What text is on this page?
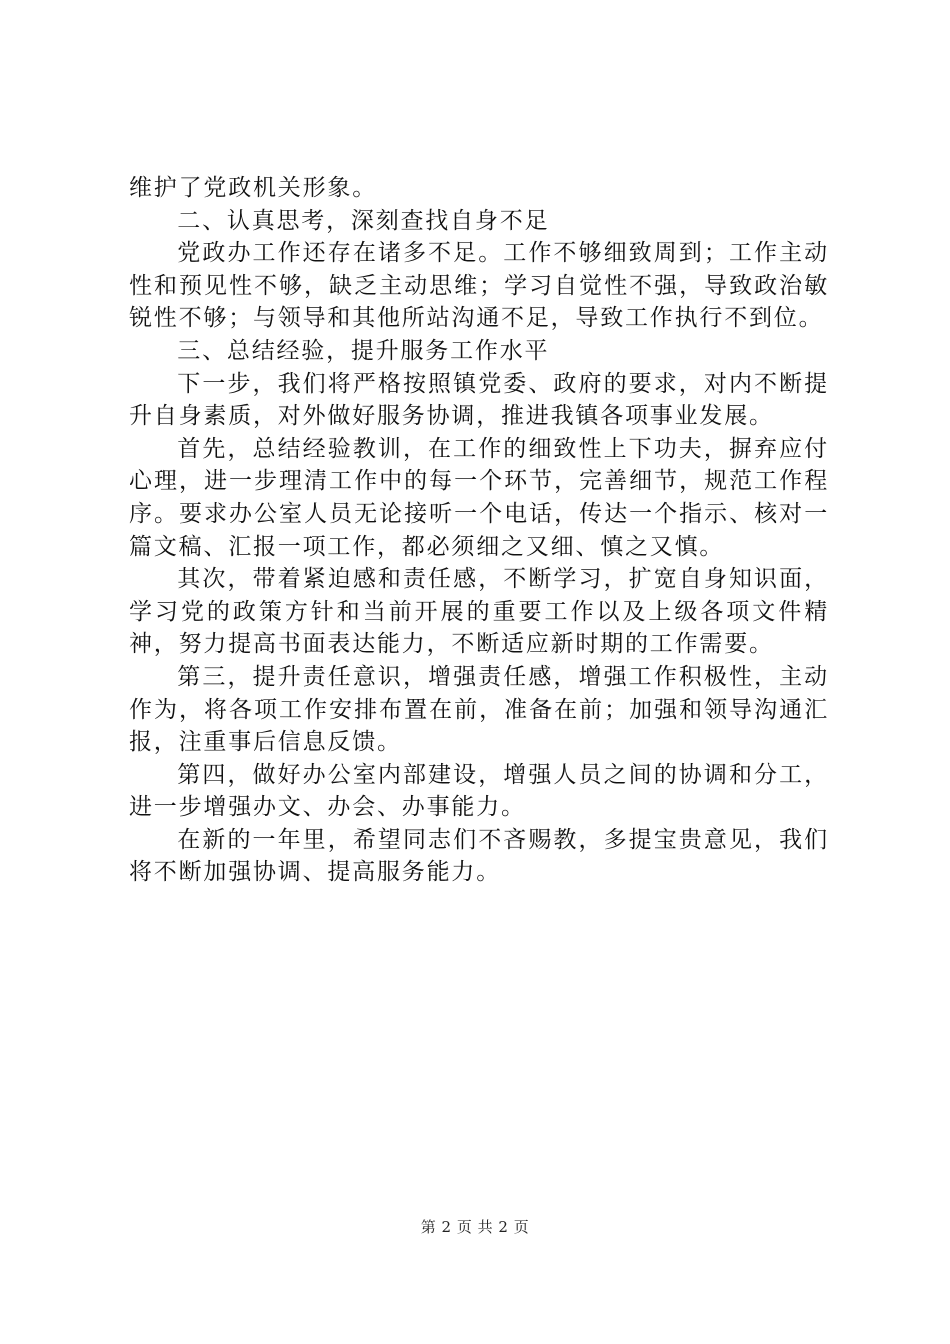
维护了党政机关形象。

二、认真思考，深刻查找自身不足

党政办工作还存在诸多不足。工作不够细致周到；工作主动性和预见性不够，缺乏主动思维；学习自觉性不强，导致政治敏锐性不够；与领导和其他所站沟通不足，导致工作执行不到位。

三、总结经验，提升服务工作水平

下一步，我们将严格按照镇党委、政府的要求，对内不断提升自身素质，对外做好服务协调，推进我镇各项事业发展。

首先，总结经验教训，在工作的细致性上下功夫，摒弃应付心理，进一步理清工作中的每一个环节，完善细节，规范工作程序。要求办公室人员无论接听一个电话，传达一个指示、核对一篇文稿、汇报一项工作，都必须细之又细、慎之又慎。

其次，带着紧迫感和责任感，不断学习，扩宽自身知识面，学习党的政策方针和当前开展的重要工作以及上级各项文件精神，努力提高书面表达能力，不断适应新时期的工作需要。

第三，提升责任意识，增强责任感，增强工作积极性，主动作为，将各项工作安排布置在前，准备在前；加强和领导沟通汇报，注重事后信息反馈。

第四，做好办公室内部建设，增强人员之间的协调和分工，进一步增强办文、办会、办事能力。

在新的一年里，希望同志们不吝赐教，多提宝贵意见，我们将不断加强协调、提高服务能力。

第 2 页 共 2 页
